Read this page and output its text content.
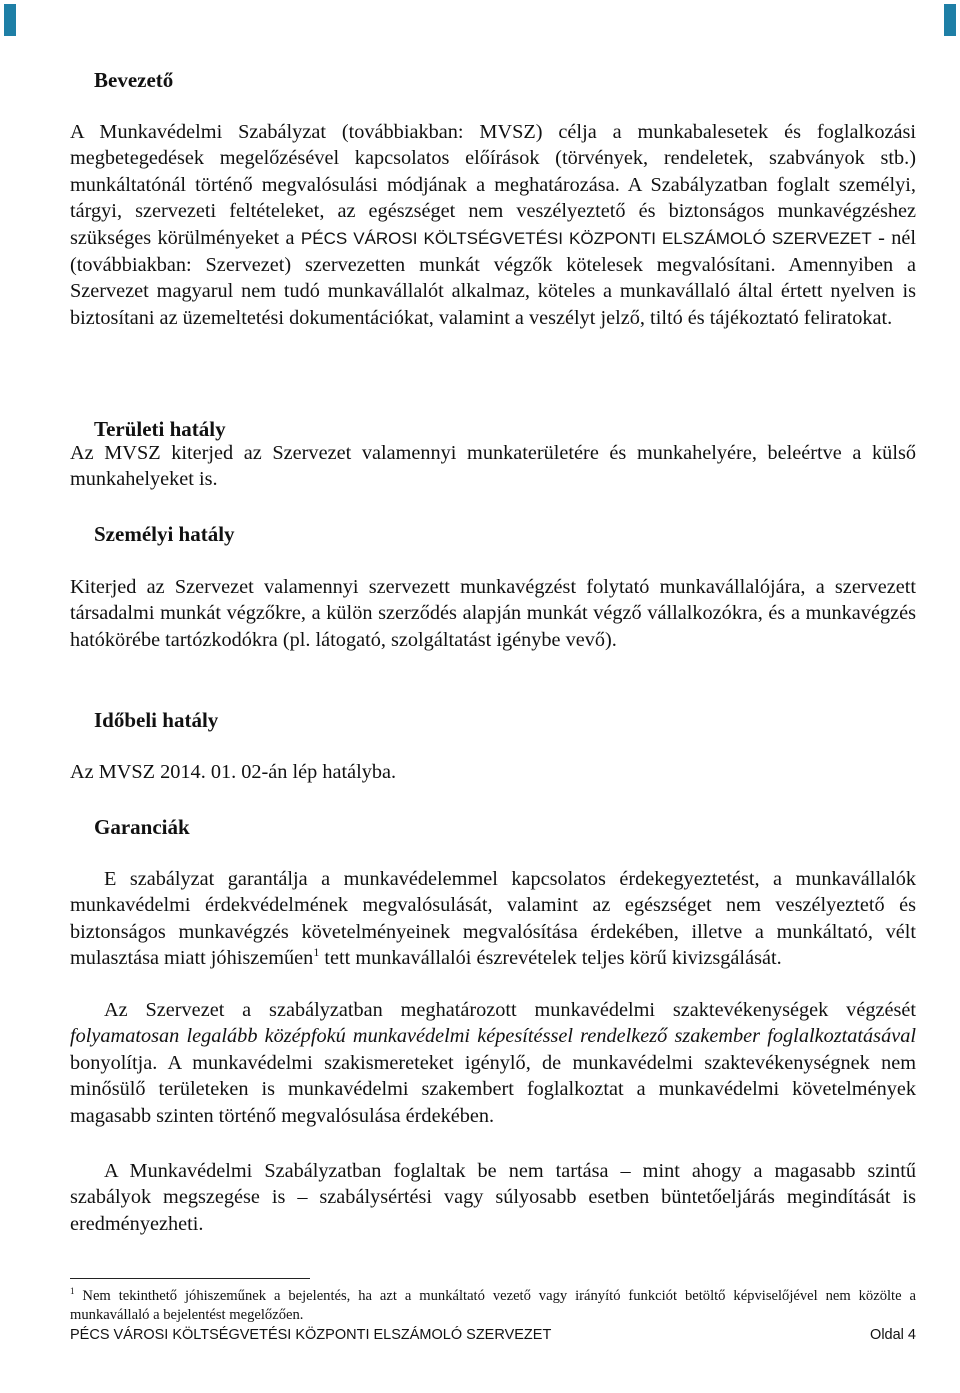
Bevezető

A Munkavédelmi Szabályzat (továbbiakban: MVSZ) célja a munkabalesetek és foglalkozási megbetegedések megelőzésével kapcsolatos előírások (törvények, rendeletek, szabványok stb.) munkáltatónál történő megvalósulási módjának a meghatározása. A Szabályzatban foglalt személyi, tárgyi, szervezeti feltételeket, az egészséget nem veszélyeztető és biztonságos munkavégzéshez szükséges körülményeket a PÉCS VÁROSI KÖLTSÉGVETÉSI KÖZPONTI ELSZÁMOLÓ SZERVEZET - nél (továbbiakban: Szervezet) szervezetten munkát végzők kötelesek megvalósítani. Amennyiben a Szervezet magyarul nem tudó munkavállalót alkalmaz, köteles a munkavállaló által értett nyelven is biztosítani az üzemeltetési dokumentációkat, valamint a veszélyt jelző, tiltó és tájékoztató feliratokat.

Területi hatály

Az MVSZ kiterjed az Szervezet valamennyi munkaterületére és munkahelyére, beleértve a külső munkahelyeket is.

Személyi hatály

Kiterjed az Szervezet valamennyi szervezett munkavégzést folytató munkavállalójára, a szervezett társadalmi munkát végzőkre, a külön szerződés alapján munkát végző vállalkozókra, és a munkavégzés hatókörébe tartózkodókra (pl. látogató, szolgáltatást igénybe vevő).

Időbeli hatály

Az MVSZ 2014. 01. 02-án lép hatályba.

Garanciák

E szabályzat garantálja a munkavédelemmel kapcsolatos érdekegyeztetést, a munkavállalók munkavédelmi érdekvédelmének megvalósulását, valamint az egészséget nem veszélyeztető és biztonságos munkavégzés követelményeinek megvalósítása érdekében, illetve a munkáltató, vélt mulasztása miatt jóhiszeműen$^1$ tett munkavállalói észrevételek teljes körű kivizsgálását.

Az Szervezet a szabályzatban meghatározott munkavédelmi szaktevékenységek végzését folyamatosan legalább középfokú munkavédelmi képesítéssel rendelkező szakember foglalkoztatásával bonyolítja. A munkavédelmi szakismereteket igénylő, de munkavédelmi szaktevékenységnek nem minősülő területeken is munkavédelmi szakembert foglalkoztat a munkavédelmi követelmények magasabb szinten történő megvalósulása érdekében.

A Munkavédelmi Szabályzatban foglaltak be nem tartása – mint ahogy a magasabb szintű szabályok megszegése is – szabálysértési vagy súlyosabb esetben büntetőeljárás megindítását is eredményezheti.

$^1$ Nem tekinthető jóhiszeműnek a bejelentés, ha azt a munkáltató vezető vagy irányító funkciót betöltő képviselőjével nem közölte a munkavállaló a bejelentést megelőzően.
PÉCS VÁROSI KÖLTSÉGVETÉSI KÖZPONTI ELSZÁMOLÓ SZERVEZET	Oldal 4
